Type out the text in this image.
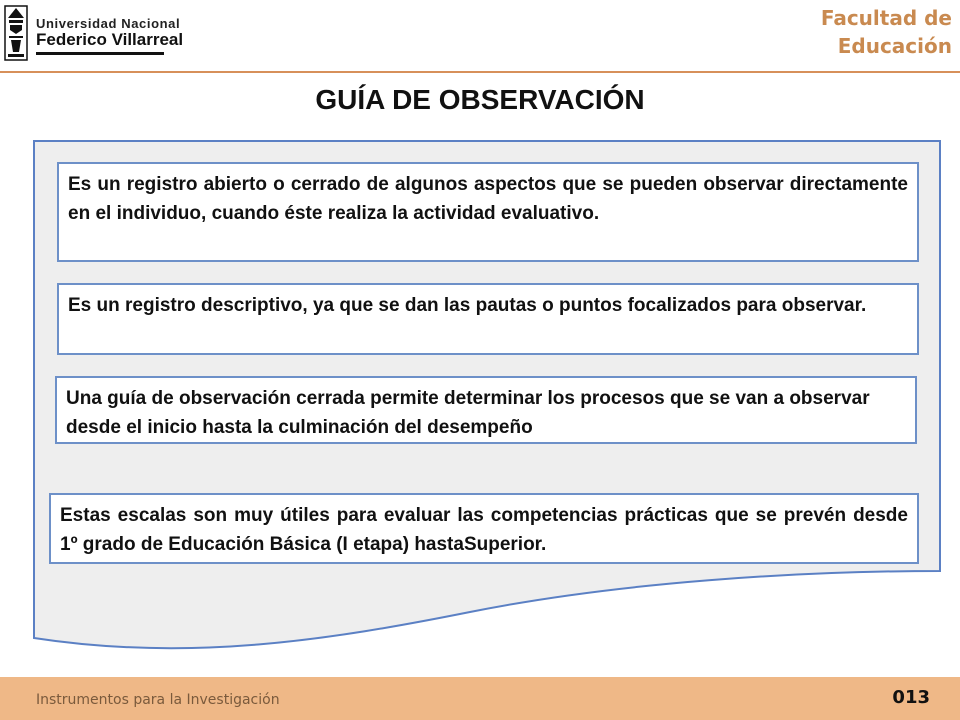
Universidad Nacional
Federico Villarreal
Facultad de
Educación
GUÍA DE OBSERVACIÓN
Es un registro abierto o cerrado de algunos aspectos que se pueden observar directamente en el individuo, cuando éste realiza la actividad evaluativo.
Es un registro descriptivo, ya que se dan las pautas o puntos focalizados para observar.
Una guía de observación cerrada permite determinar los procesos que se van a observar desde el inicio hasta la culminación del desempeño
Estas escalas son muy útiles para evaluar las competencias prácticas que se prevén desde 1º grado de Educación Básica (I etapa) hastaSuperior.
Instrumentos para la Investigación	013
